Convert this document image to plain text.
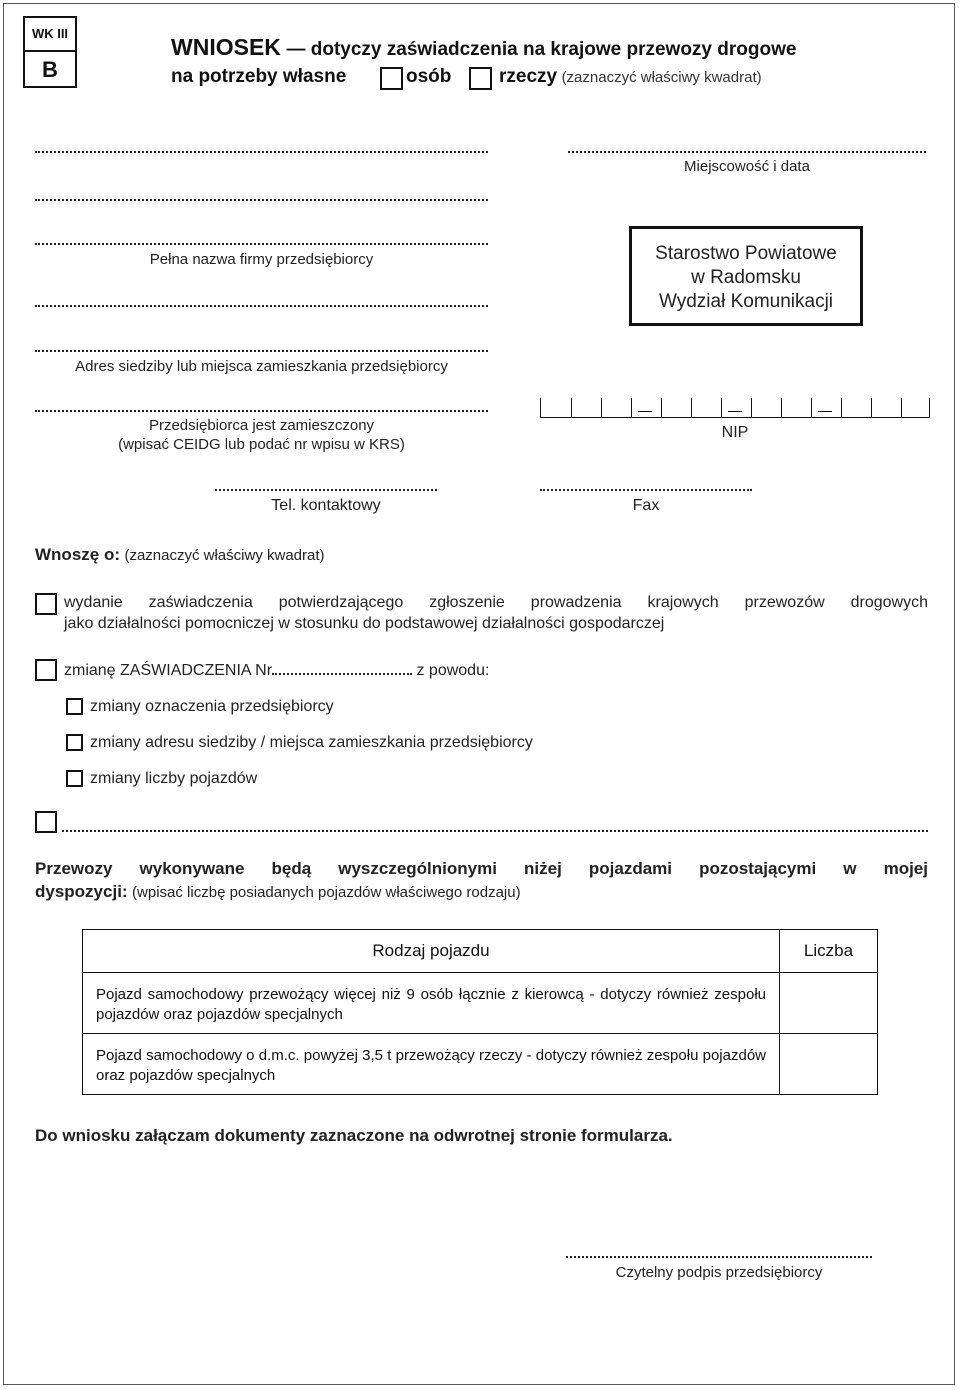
WK III
B
WNIOSEK — dotyczy zaświadczenia na krajowe przewozy drogowe
na potrzeby własne	osób	rzeczy (zaznaczyć właściwy kwadrat)
Pełna nazwa firmy przedsiębiorcy
Adres siedziby lub miejsca zamieszkania przedsiębiorcy
Przedsiębiorca jest zamieszczony
(wpisać CEIDG lub podać nr wpisu w KRS)
Miejscowość i data
Starostwo Powiatowe
w Radomsku
Wydział Komunikacji
NIP
Tel. kontaktowy	Fax
Wnoszę o: (zaznaczyć właściwy kwadrat)
wydanie zaświadczenia potwierdzającego zgłoszenie prowadzenia krajowych przewozów drogowych
jako działalności pomocniczej w stosunku do podstawowej działalności gospodarczej
zmianę ZAŚWIADCZENIA Nr	z powodu:
zmiany oznaczenia przedsiębiorcy
zmiany adresu siedziby / miejsca zamieszkania przedsiębiorcy
zmiany liczby pojazdów
Przewozy wykonywane będą wyszczególnionymi niżej pojazdami pozostającymi w mojej
dyspozycji: (wpisać liczbę posiadanych pojazdów właściwego rodzaju)
Rodzaj pojazdu	Liczba
Pojazd samochodowy przewożący więcej niż 9 osób łącznie z kierowcą - dotyczy również zespołu pojazdów oraz pojazdów specjalnych	
Pojazd samochodowy o d.m.c. powyżej 3,5 t przewożący rzeczy - dotyczy również zespołu pojazdów oraz pojazdów specjalnych	
Do wniosku załączam dokumenty zaznaczone na odwrotnej stronie formularza.
Czytelny podpis przedsiębiorcy
